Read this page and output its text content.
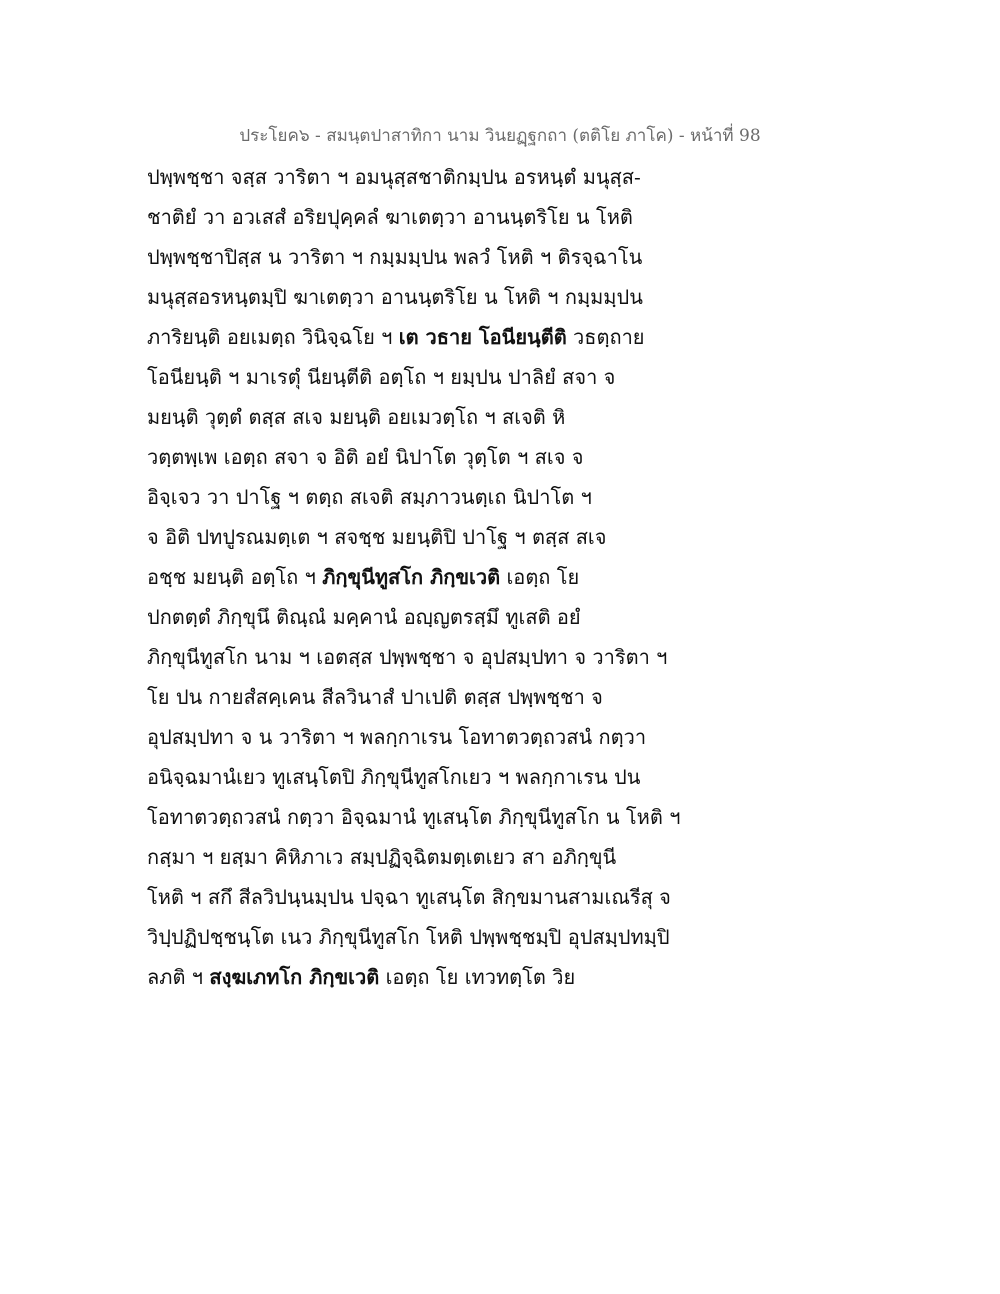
ประโยค๖ - สมนฺตปาสาทิกา นาม วินยฏฺฐกถา (ตติโย ภาโค) - หน้าที่ 98
ปพฺพชฺชา จสฺส วาริตา ฯ อมนุสฺสชาติกมฺปน อรหนฺตํ มนุสฺส-
ชาติยํ วา อวเสสํ อริยปุคฺคลํ ฆาเตตฺวา อานนฺตริโย น โหติ
ปพฺพชฺชาปิสฺส น วาริตา ฯ กมฺมมฺปน พลวํ โหติ ฯ ติรจฺฉาโน
มนุสฺสอรหนฺตมฺปิ ฆาเตตฺวา อานนฺตริโย น โหติ ฯ กมฺมมฺปน
ภาริยนฺติ อยเมตฺถ วินิจฺฉโย ฯ เต วธาย โอนียนฺตีติ วธตฺถาย
โอนียนฺติ ฯ มาเรตุํ นียนฺตีติ อตฺโถ ฯ ยมฺปน ปาลิยํ สจา จ
มยนฺติ วุตฺตํ ตสฺส สเจ มยนฺติ อยเมวตฺโถ ฯ สเจติ หิ
วตฺตพฺเพ เอตฺถ สจา จ อิติ อยํ นิปาโต วุตฺโต ฯ สเจ จ
อิจฺเจว วา ปาโฐ ฯ ตตฺถ สเจติ สมฺภาวนตฺเถ นิปาโต ฯ
จ อิติ ปทปูรณมตฺเต ฯ สจชฺช มยนฺติปิ ปาโฐ ฯ ตสฺส สเจ
อชฺช มยนฺติ อตฺโถ ฯ ภิกฺขุนีทูสโก ภิกฺขเวติ เอตฺถ โย
ปกตตฺตํ ภิกฺขุนึ ติณฺณํ มคฺคานํ อญฺญตรสฺมึ ทูเสติ อยํ
ภิกฺขุนีทูสโก นาม ฯ เอตสฺส ปพฺพชฺชา จ อุปสมฺปทา จ วาริตา ฯ
โย ปน กายสํสคฺเคน สีลวินาสํ ปาเปติ ตสฺส ปพฺพชฺชา จ
อุปสมฺปทา จ น วาริตา ฯ พลกฺกาเรน โอทาตวตฺถวสนํ กตฺวา
อนิจฺฉมานํเยว ทูเสนฺโตปิ ภิกฺขุนีทูสโกเยว ฯ พลกฺกาเรน ปน
โอทาตวตฺถวสนํ กตฺวา อิจฺฉมานํ ทูเสนฺโต ภิกฺขุนีทูสโก น โหติ ฯ
กสฺมา ฯ ยสฺมา คิหิภาเว สมฺปฏิจฺฉิตมตฺเตเยว สา อภิกฺขุนี
โหติ ฯ สกึ สีลวิปนฺนมฺปน ปจฺฉา ทูเสนฺโต สิกฺขมานสามเณรีสุ จ
วิปฺปฏิปชฺชนฺโต เนว ภิกฺขุนีทูสโก โหติ ปพฺพชฺชมฺปิ อุปสมฺปทมฺปิ
ลภติ ฯ สงฺฆเภทโก ภิกฺขเวติ เอตฺถ โย เทวทตฺโต วิย
